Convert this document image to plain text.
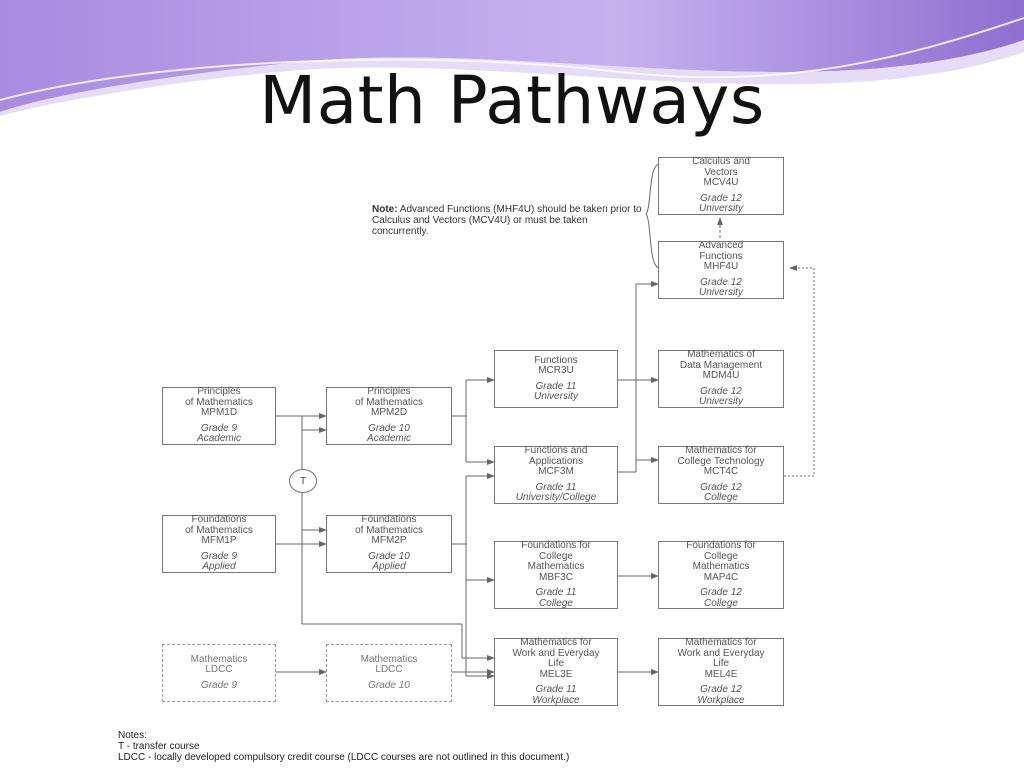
Math Pathways
T
Note: Advanced Functions (MHF4U) should be taken prior to Calculus and Vectors (MCV4U) or must be taken concurrently.
Calculus and
Vectors
MCV4U
Grade 12
University
Advanced
Functions
MHF4U
Grade 12
University
Mathematics of
Data Management
MDM4U
Grade 12
University
Mathematics for
College Technology
MCT4C
Grade 12
College
Foundations for
College
Mathematics
MAP4C
Grade 12
College
Mathematics for
Work and Everyday
Life
MEL4E
Grade 12
Workplace
Functions
MCR3U
Grade 11
University
Functions and
Applications
MCF3M
Grade 11
University/College
Foundations for
College
Mathematics
MBF3C
Grade 11
College
Mathematics for
Work and Everyday
Life
MEL3E
Grade 11
Workplace
Principles
of Mathematics
MPM2D
Grade 10
Academic
Foundations
of Mathematics
MFM2P
Grade 10
Applied
Mathematics
LDCC
Grade 10
Principles
of Mathematics
MPM1D
Grade 9
Academic
Foundations
of Mathematics
MFM1P
Grade 9
Applied
Mathematics
LDCC
Grade 9
Notes:
T - transfer course
LDCC - locally developed compulsory credit course (LDCC courses are not outlined in this document.)
